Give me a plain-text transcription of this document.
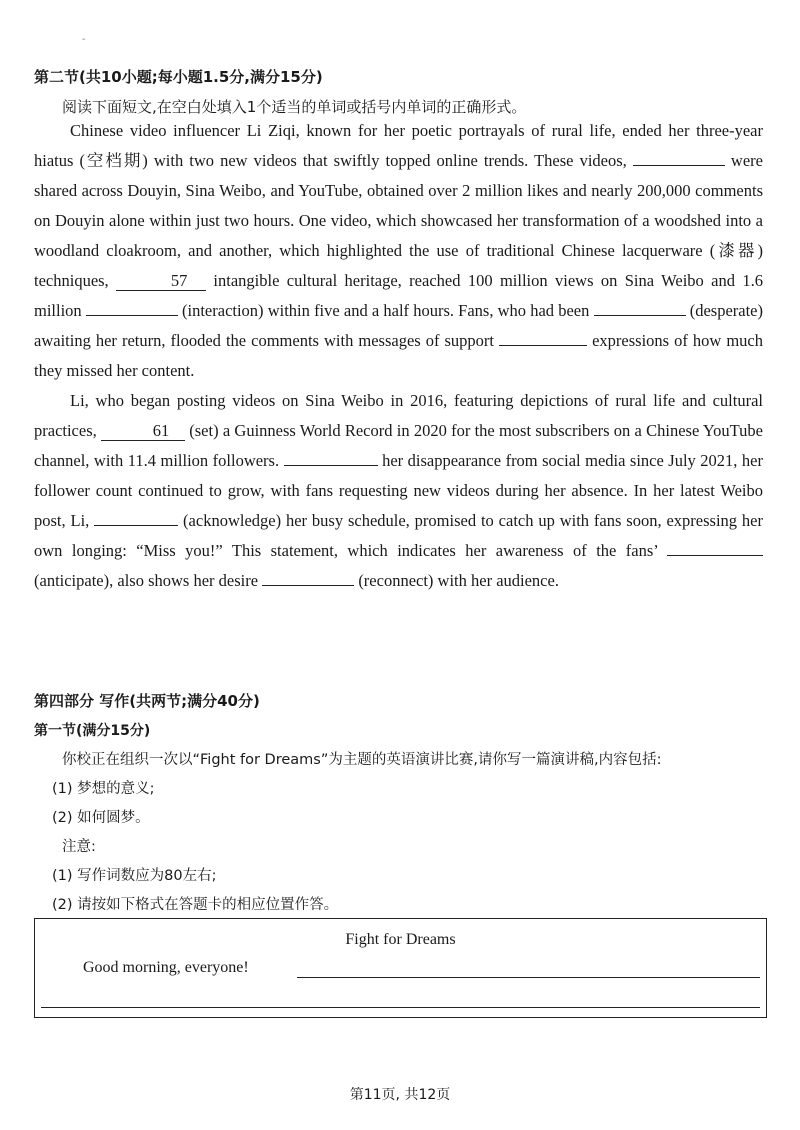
-
第二节(共10小题;每小题1.5分,满分15分)
阅读下面短文,在空白处填入1个适当的单词或括号内单词的正确形式。

Chinese video influencer Li Ziqi, known for her poetic portrayals of rural life, ended her three-year hiatus (空档期) with two new videos that swiftly topped online trends. These videos,	were shared across Douyin, Sina Weibo, and YouTube, obtained over 2 million likes and nearly 200,000 comments on Douyin alone within just two hours. One video, which showcased her transformation of a woodshed into a woodland cloakroom, and another, which highlighted the use of traditional Chinese lacquerware (漆器) techniques,	57 intangible cultural heritage, reached 100 million views on Sina Weibo and 1.6 million	(interaction) within five and a half hours. Fans, who had been	(desperate) awaiting her return, flooded the comments with messages of support	expressions of how much they missed her content.

Li, who began posting videos on Sina Weibo in 2016, featuring depictions of rural life and cultural practices,	61 (set) a Guinness World Record in 2020 for the most subscribers on a Chinese YouTube channel, with 11.4 million followers.	her disappearance from social media since July 2021, her follower count continued to grow, with fans requesting new videos during her absence. In her latest Weibo post, Li,	(acknowledge) her busy schedule, promised to catch up with fans soon, expressing her own longing: “Miss you!” This statement, which indicates her awareness of the fans’  (anticipate), also shows her desire	(reconnect) with her audience.

第四部分 写作(共两节;满分40分)
第一节(满分15分)
你校正在组织一次以“Fight for Dreams”为主题的英语演讲比赛,请你写一篇演讲稿,内容包括:
(1) 梦想的意义;
(2) 如何圆梦。
注意:
(1) 写作词数应为80左右;
(2) 请按如下格式在答题卡的相应位置作答。
Fight for Dreams
Good morning, everyone!
第11页, 共12页
